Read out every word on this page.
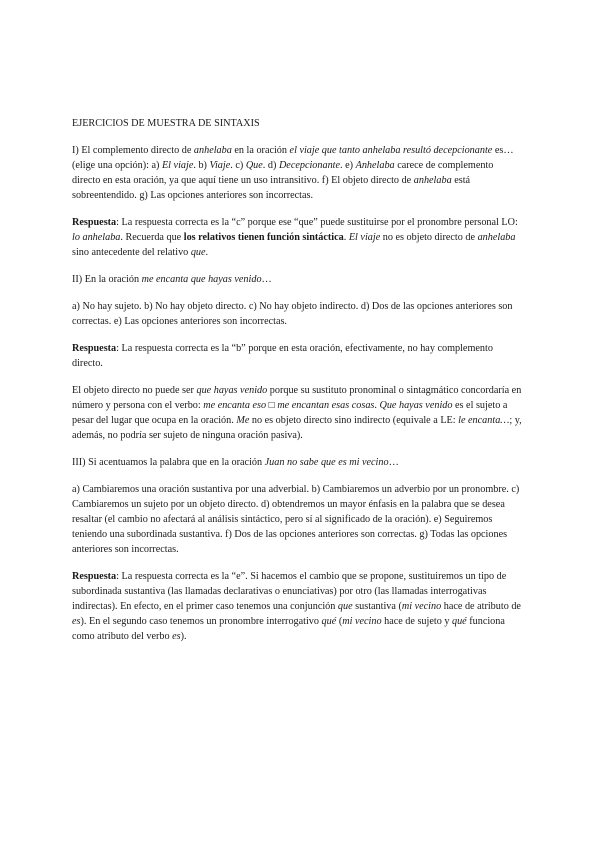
EJERCICIOS DE MUESTRA DE SINTAXIS

I) El complemento directo de anhelaba en la oración el viaje que tanto anhelaba resultó decepcionante es… (elige una opción): a) El viaje. b) Viaje. c) Que. d) Decepcionante. e) Anhelaba carece de complemento directo en esta oración, ya que aquí tiene un uso intransitivo. f) El objeto directo de anhelaba está sobreentendido. g) Las opciones anteriores son incorrectas.

Respuesta: La respuesta correcta es la “c” porque ese “que” puede sustituirse por el pronombre personal LO: lo anhelaba. Recuerda que los relativos tienen función sintáctica. El viaje no es objeto directo de anhelaba sino antecedente del relativo que.

II) En la oración me encanta que hayas venido…

a) No hay sujeto. b) No hay objeto directo. c) No hay objeto indirecto. d) Dos de las opciones anteriores son correctas. e) Las opciones anteriores son incorrectas.

Respuesta: La respuesta correcta es la “b” porque en esta oración, efectivamente, no hay complemento directo.

El objeto directo no puede ser que hayas venido porque su sustituto pronominal o sintagmático concordaría en número y persona con el verbo: me encanta eso □ me encantan esas cosas. Que hayas venido es el sujeto a pesar del lugar que ocupa en la oración. Me no es objeto directo sino indirecto (equivale a LE: le encanta…; y, además, no podría ser sujeto de ninguna oración pasiva).

III) Si acentuamos la palabra que en la oración Juan no sabe que es mi vecino…

a) Cambiaremos una oración sustantiva por una adverbial. b) Cambiaremos un adverbio por un pronombre. c) Cambiaremos un sujeto por un objeto directo. d) obtendremos un mayor énfasis en la palabra que se desea resaltar (el cambio no afectará al análisis sintáctico, pero sí al significado de la oración). e) Seguiremos teniendo una subordinada sustantiva. f) Dos de las opciones anteriores son correctas. g) Todas las opciones anteriores son incorrectas.

Respuesta: La respuesta correcta es la “e”. Si hacemos el cambio que se propone, sustituiremos un tipo de subordinada sustantiva (las llamadas declarativas o enunciativas) por otro (las llamadas interrogativas indirectas). En efecto, en el primer caso tenemos una conjunción que sustantiva (mi vecino hace de atributo de es). En el segundo caso tenemos un pronombre interrogativo qué (mi vecino hace de sujeto y qué funciona como atributo del verbo es).
